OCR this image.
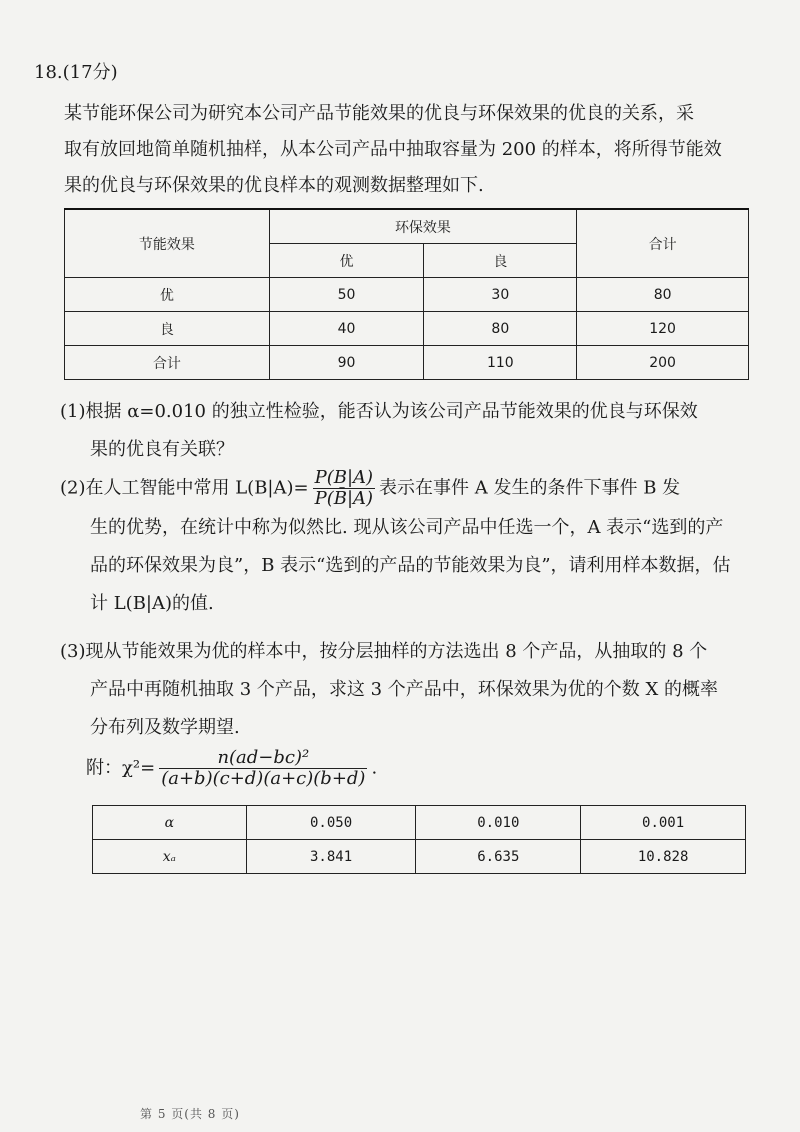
18.(17分)
某节能环保公司为研究本公司产品节能效果的优良与环保效果的优良的关系，采
取有放回地简单随机抽样，从本公司产品中抽取容量为 200 的样本，将所得节能效
果的优良与环保效果的优良样本的观测数据整理如下.
节能效果	环保效果		合计
	优	良	
优	50	30	80
良	40	80	120
合计	90	110	200
(1)根据 α=0.010 的独立性检验，能否认为该公司产品节能效果的优良与环保效
果的优良有关联？
(2)在人工智能中常用 $L(B|A)= \frac{P(B|A)}{P(B̄|A)}$ 表示在事件 A 发生的条件下事件 B 发
生的优势，在统计中称为似然比. 现从该公司产品中任选一个，A 表示“选到的产
品的环保效果为良”，B 表示“选到的产品的节能效果为良”，请利用样本数据，估
计 L(B|A)的值.
(3)现从节能效果为优的样本中，按分层抽样的方法选出 8 个产品，从抽取的 8 个
产品中再随机抽取 3 个产品，求这 3 个产品中，环保效果为优的个数 X 的概率
分布列及数学期望.
附：$\chi^2= \frac{\text{n(ad−bc)²}}{(a+b)(c+d)(a+c)(b+d)}$ .
α	0.050	0.010	0.001
xₐ	3.841	6.635	10.828
第 5 页(共 8 页)
